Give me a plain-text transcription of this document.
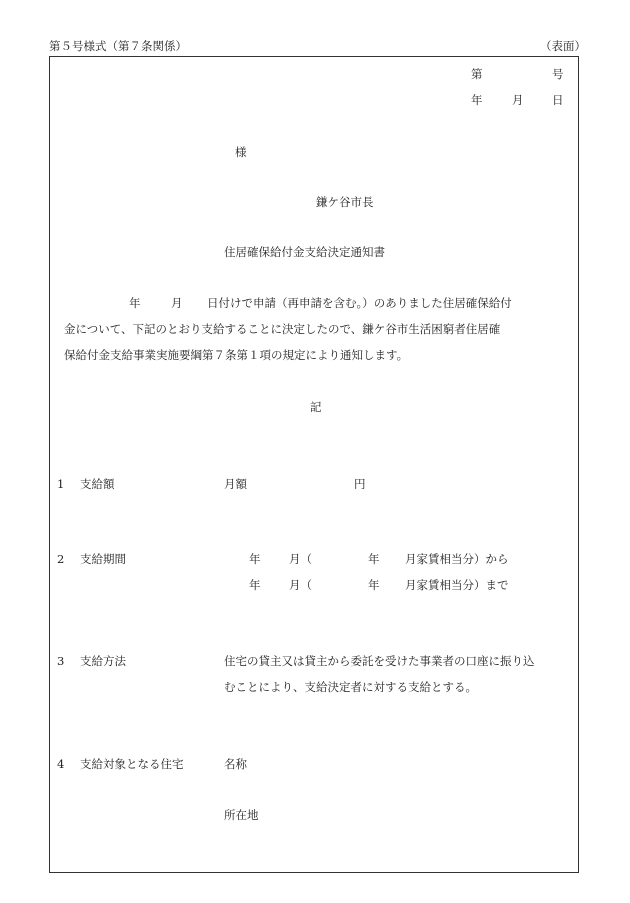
第５号様式（第７条関係）	（表面）
第	号
年	月 日
様
鎌ケ谷市長
住居確保給付金支給決定通知書
年	月 日付けで申請（再申請を含む。）のありました住居確保給付
金について、下記のとおり支給することに決定したので、鎌ケ谷市生活困窮者住居確
保給付金支給事業実施要綱第７条第１項の規定により通知します。
記
1 支給額	月額	円
2 支給期間	年 月（	年 月家賃相当分）から
年 月（	年 月家賃相当分）まで
3 支給方法	住宅の貸主又は貸主から委託を受けた事業者の口座に振り込
むことにより、支給決定者に対する支給とする。
4 支給対象となる住宅	名称
所在地
